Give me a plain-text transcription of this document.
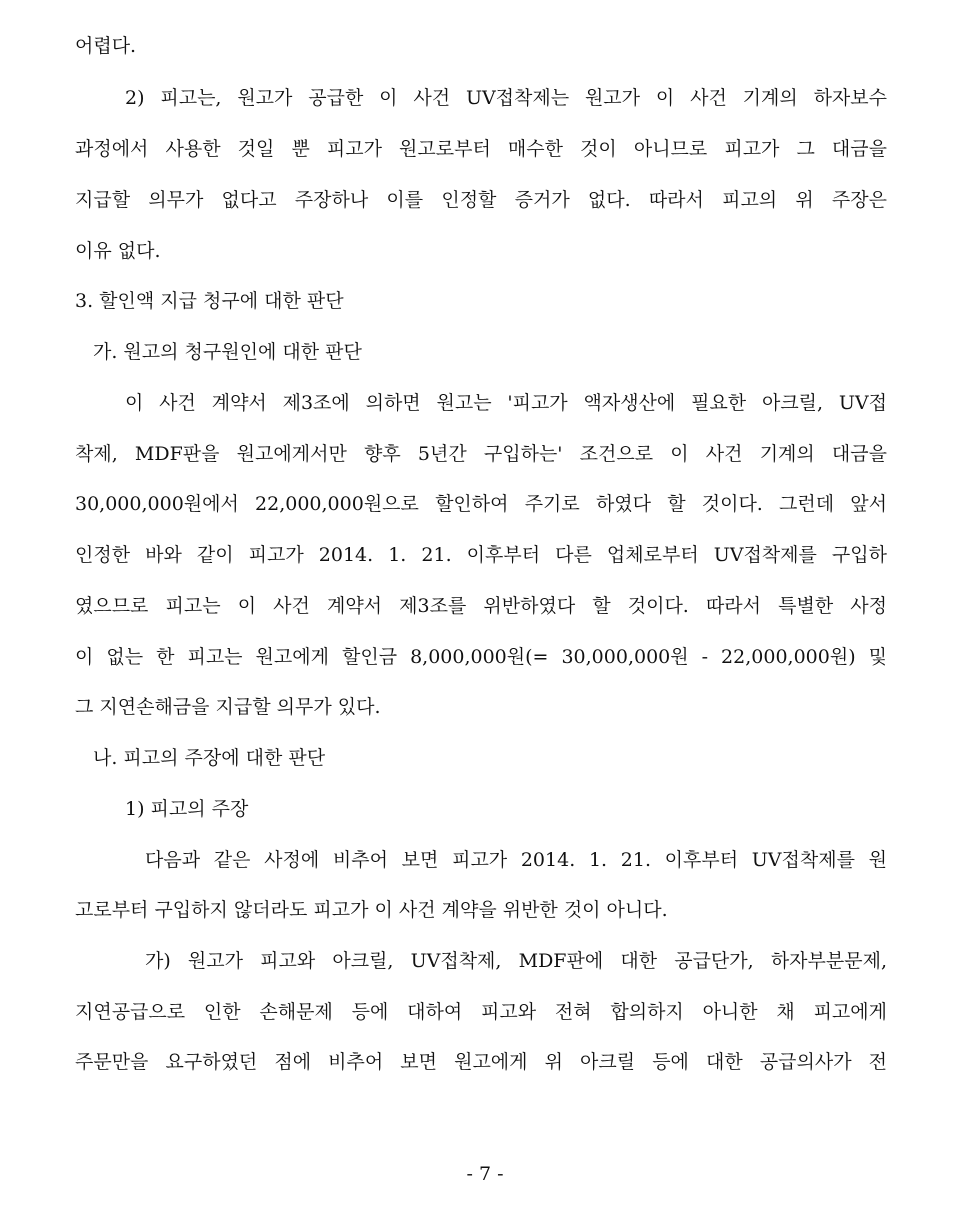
어렵다.
2) 피고는, 원고가 공급한 이 사건 UV접착제는 원고가 이 사건 기계의 하자보수
과정에서 사용한 것일 뿐 피고가 원고로부터 매수한 것이 아니므로 피고가 그 대금을
지급할 의무가 없다고 주장하나 이를 인정할 증거가 없다. 따라서 피고의 위 주장은
이유 없다.
3. 할인액 지급 청구에 대한 판단
가. 원고의 청구원인에 대한 판단
이 사건 계약서 제3조에 의하면 원고는 '피고가 액자생산에 필요한 아크릴, UV접
착제, MDF판을 원고에게서만 향후 5년간 구입하는' 조건으로 이 사건 기계의 대금을
30,000,000원에서 22,000,000원으로 할인하여 주기로 하였다 할 것이다. 그런데 앞서
인정한 바와 같이 피고가 2014. 1. 21. 이후부터 다른 업체로부터 UV접착제를 구입하
였으므로 피고는 이 사건 계약서 제3조를 위반하였다 할 것이다. 따라서 특별한 사정
이 없는 한 피고는 원고에게 할인금 8,000,000원(= 30,000,000원 - 22,000,000원) 및
그 지연손해금을 지급할 의무가 있다.
나. 피고의 주장에 대한 판단
1) 피고의 주장
다음과 같은 사정에 비추어 보면 피고가 2014. 1. 21. 이후부터 UV접착제를 원
고로부터 구입하지 않더라도 피고가 이 사건 계약을 위반한 것이 아니다.
가) 원고가 피고와 아크릴, UV접착제, MDF판에 대한 공급단가, 하자부분문제,
지연공급으로 인한 손해문제 등에 대하여 피고와 전혀 합의하지 아니한 채 피고에게
주문만을 요구하였던 점에 비추어 보면 원고에게 위 아크릴 등에 대한 공급의사가 전
- 7 -
